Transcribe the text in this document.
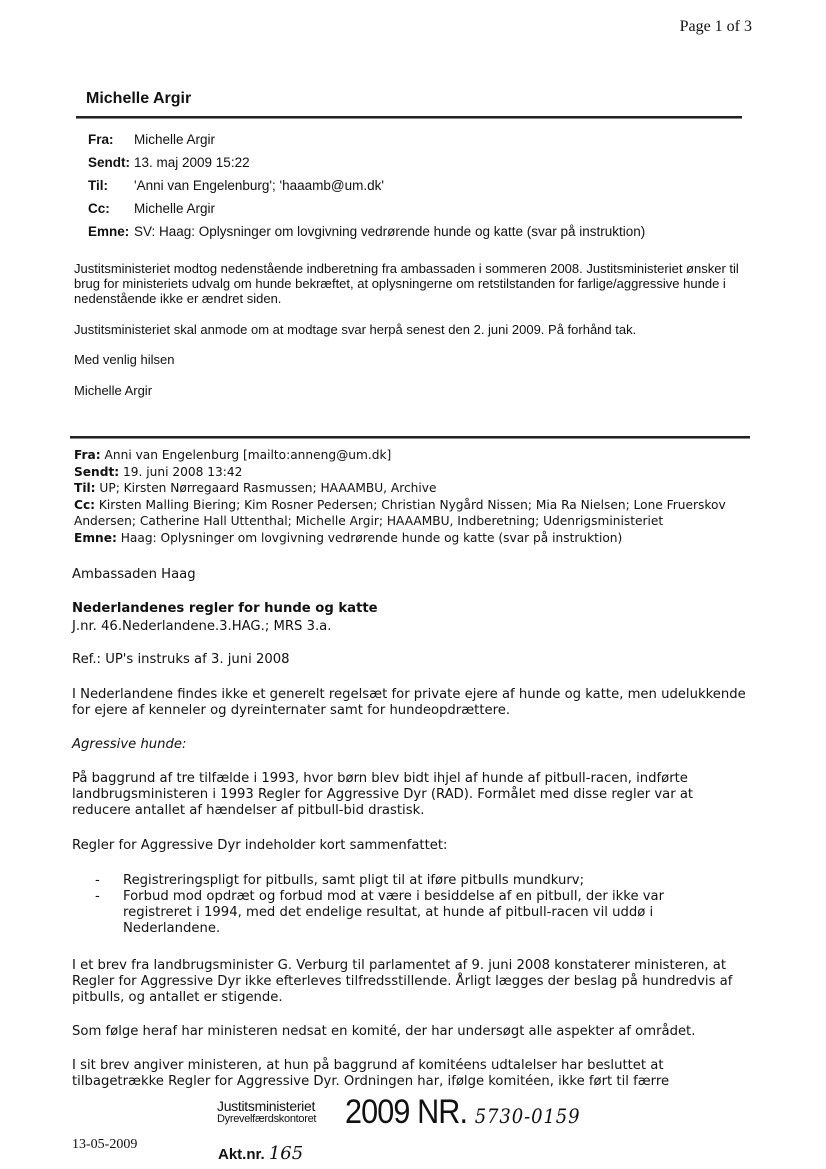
Page 1 of 3
Michelle Argir
Fra:	Michelle Argir
Sendt: 13. maj 2009 15:22
Til:	'Anni van Engelenburg'; 'haaamb@um.dk'
Cc:	Michelle Argir
Emne: SV: Haag: Oplysninger om lovgivning vedrørende hunde og katte (svar på instruktion)
Justitsministeriet modtog nedenstående indberetning fra ambassaden i sommeren 2008. Justitsministeriet ønsker til brug for ministeriets udvalg om hunde bekræftet, at oplysningerne om retstilstanden for farlige/aggressive hunde i nedenstående ikke er ændret siden.
Justitsministeriet skal anmode om at modtage svar herpå senest den 2. juni 2009. På forhånd tak.
Med venlig hilsen
Michelle Argir
Fra: Anni van Engelenburg [mailto:anneng@um.dk]
Sendt: 19. juni 2008 13:42
Til: UP; Kirsten Nørregaard Rasmussen; HAAAMBU, Archive
Cc: Kirsten Malling Biering; Kim Rosner Pedersen; Christian Nygård Nissen; Mia Ra Nielsen; Lone Fruerskov Andersen; Catherine Hall Uttenthal; Michelle Argir; HAAAMBU, Indberetning; Udenrigsministeriet
Emne: Haag: Oplysninger om lovgivning vedrørende hunde og katte (svar på instruktion)
Ambassaden Haag
Nederlandenes regler for hunde og katte
J.nr. 46.Nederlandene.3.HAG.; MRS 3.a.
Ref.: UP's instruks af 3. juni 2008
I Nederlandene findes ikke et generelt regelsæt for private ejere af hunde og katte, men udelukkende for ejere af kenneler og dyreinternater samt for hundeopdrættere.
Agressive hunde:
På baggrund af tre tilfælde i 1993, hvor børn blev bidt ihjel af hunde af pitbull-racen, indførte landbrugsministeren i 1993 Regler for Aggressive Dyr (RAD). Formålet med disse regler var at reducere antallet af hændelser af pitbull-bid drastisk.
Regler for Aggressive Dyr indeholder kort sammenfattet:
-	Registreringspligt for pitbulls, samt pligt til at iføre pitbulls mundkurv;
-	Forbud mod opdræt og forbud mod at være i besiddelse af en pitbull, der ikke var registreret i 1994, med det endelige resultat, at hunde af pitbull-racen vil uddø i Nederlandene.
I et brev fra landbrugsminister G. Verburg til parlamentet af 9. juni 2008 konstaterer ministeren, at Regler for Aggressive Dyr ikke efterleves tilfredsstillende. Årligt lægges der beslag på hundredvis af pitbulls, og antallet er stigende.
Som følge heraf har ministeren nedsat en komité, der har undersøgt alle aspekter af området.
I sit brev angiver ministeren, at hun på baggrund af komitéens udtalelser har besluttet at tilbagetrække Regler for Aggressive Dyr. Ordningen har, ifølge komitéen, ikke ført til færre
Justitsministeriet
Dyrevelfærdskontoret 2009 NR. 5730-0159
Akt.nr. 165
13-05-2009
